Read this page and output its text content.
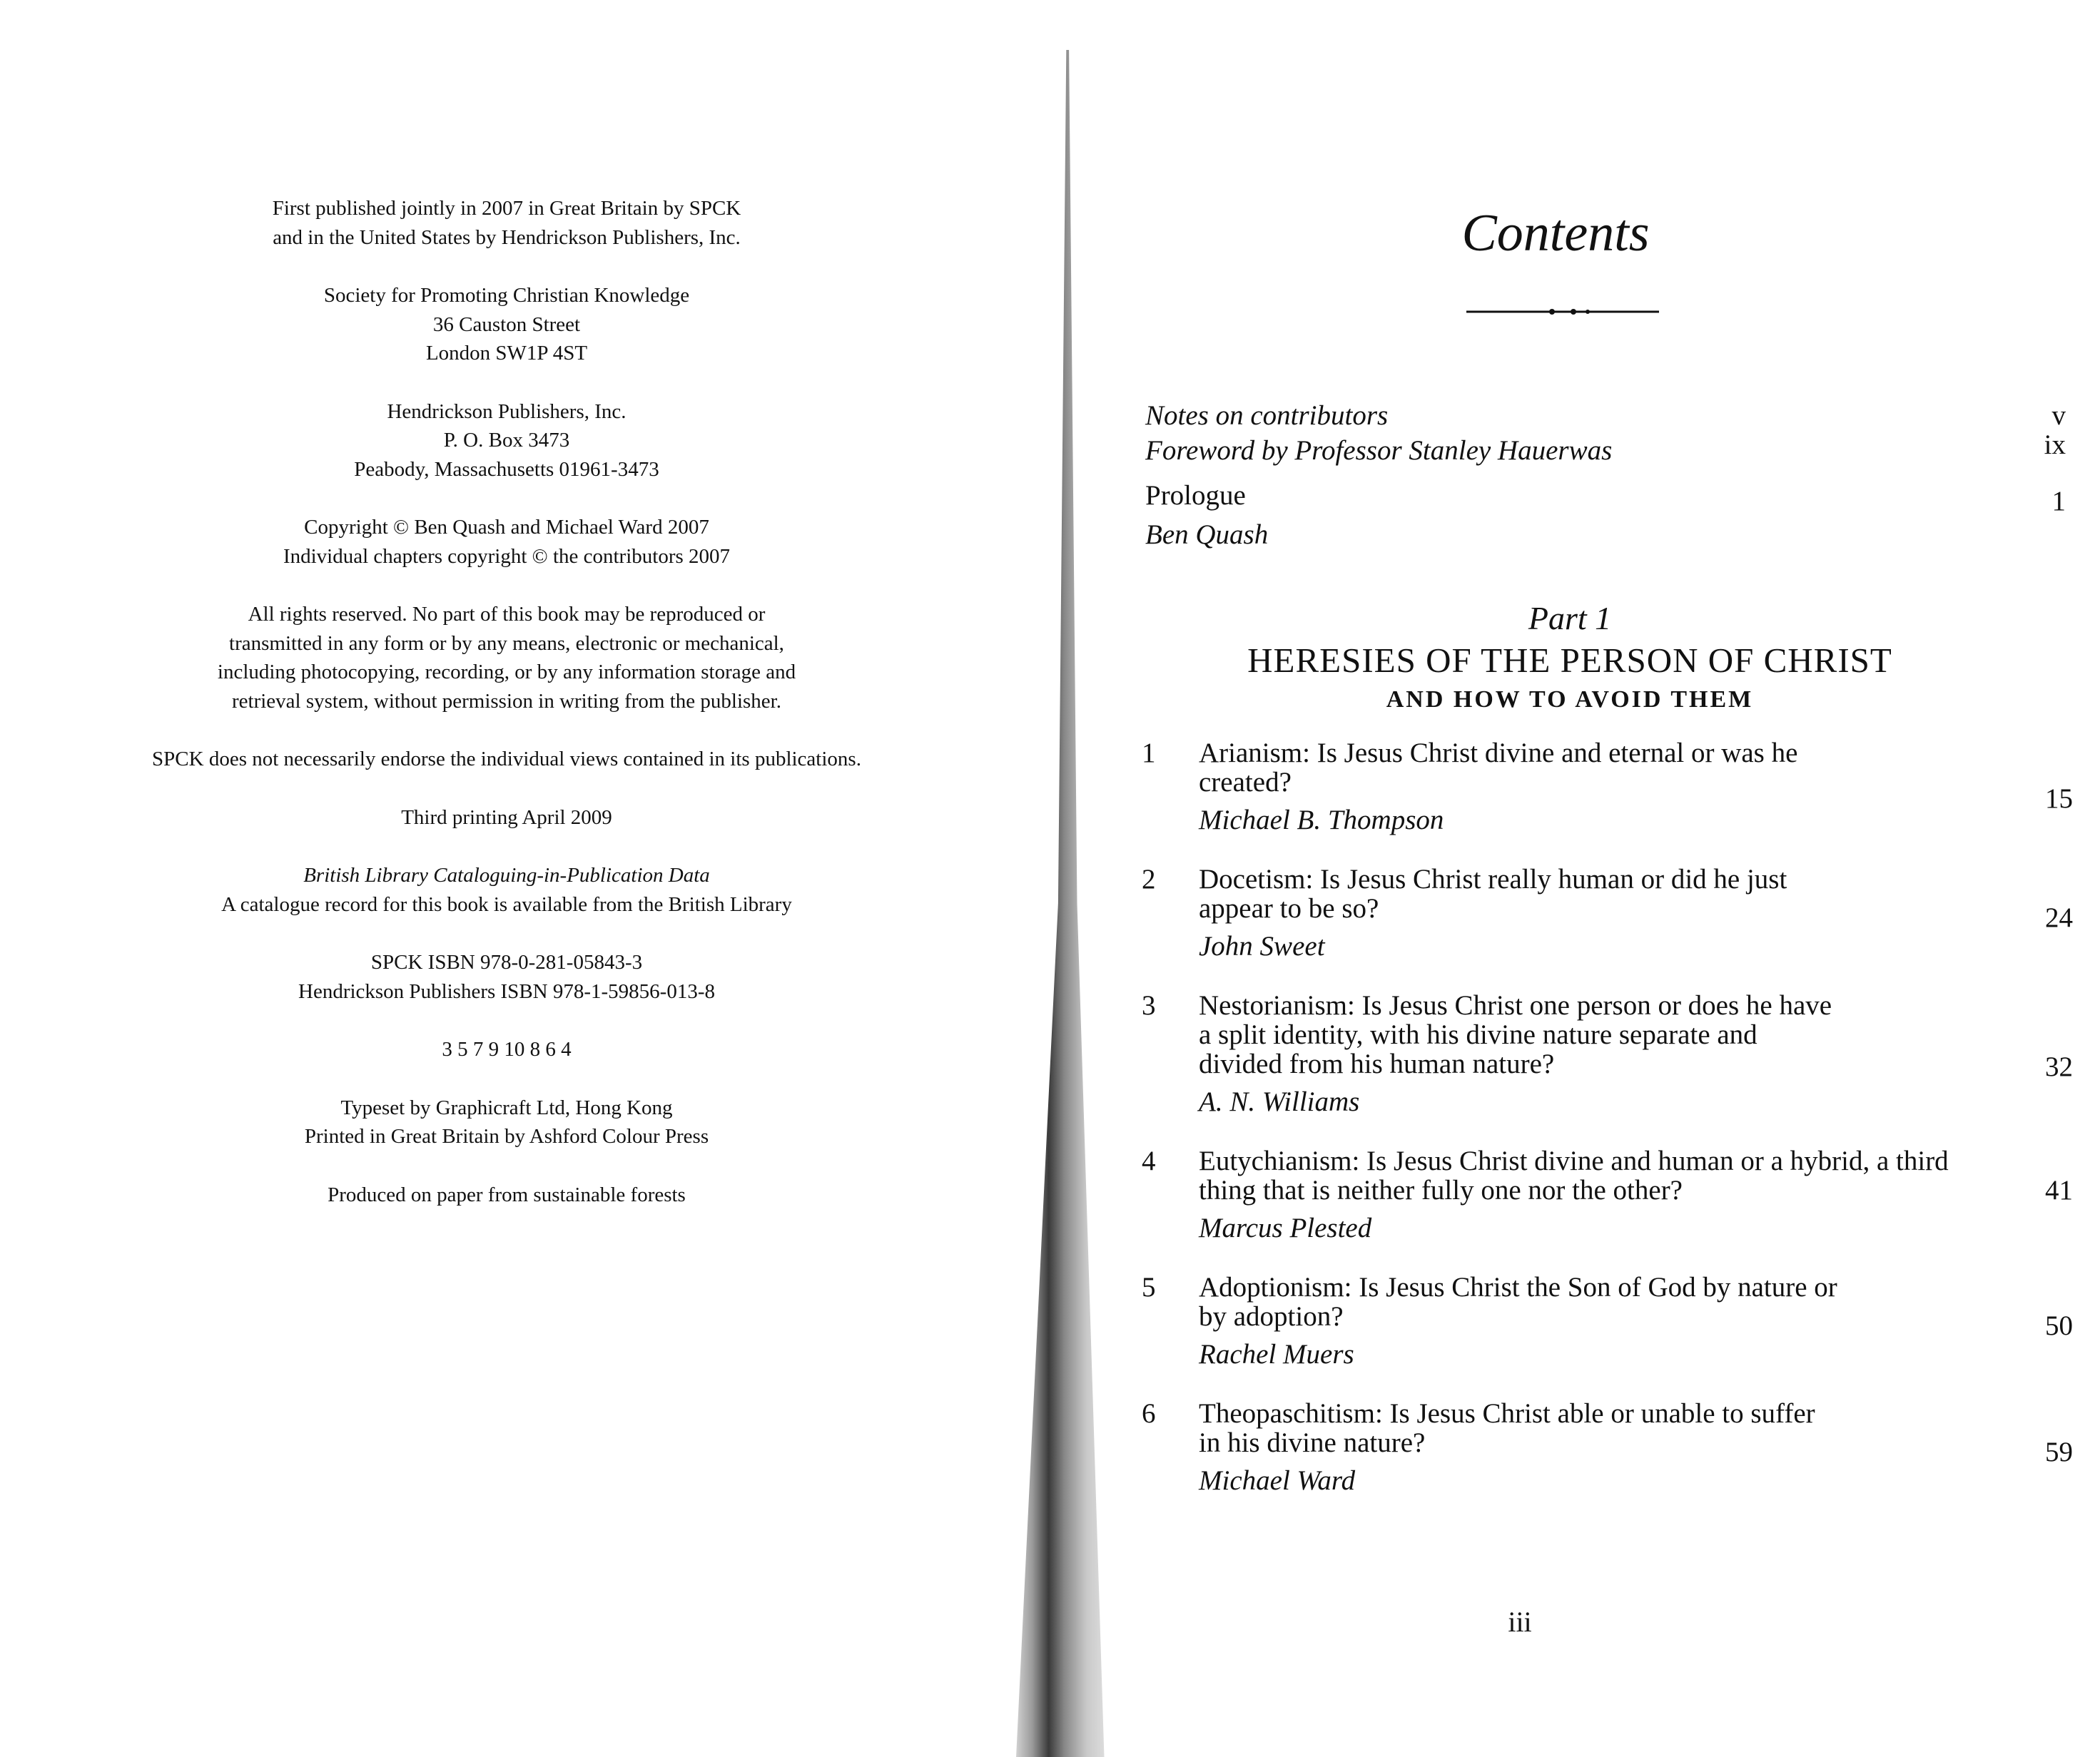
First published jointly in 2007 in Great Britain by SPCK

and in the United States by Hendrickson Publishers, Inc.

Society for Promoting Christian Knowledge

36 Causton Street

London SW1P 4ST

Hendrickson Publishers, Inc.

P. O. Box 3473

Peabody, Massachusetts 01961-3473

Copyright © Ben Quash and Michael Ward 2007

Individual chapters copyright © the contributors 2007

All rights reserved. No part of this book may be reproduced or

transmitted in any form or by any means, electronic or mechanical,

including photocopying, recording, or by any information storage and

retrieval system, without permission in writing from the publisher.

SPCK does not necessarily endorse the individual views contained in its publications.

Third printing April 2009

British Library Cataloguing-in-Publication Data

A catalogue record for this book is available from the British Library

SPCK ISBN 978-0-281-05843-3

Hendrickson Publishers ISBN 978-1-59856-013-8

3 5 7 9 10 8 6 4

Typeset by Graphicraft Ltd, Hong Kong

Printed in Great Britain by Ashford Colour Press

Produced on paper from sustainable forests

Contents
Notes on contributors	v
Foreword by Professor Stanley Hauerwas	ix
Prologue
Ben Quash
1
Part 1
HERESIES OF THE PERSON OF CHRIST
AND HOW TO AVOID THEM
1 Arianism: Is Jesus Christ divine and eternal or was he created?
Michael B. Thompson
15
2 Docetism: Is Jesus Christ really human or did he just appear to be so?
John Sweet
24
3 Nestorianism: Is Jesus Christ one person or does he have a split identity, with his divine nature separate and divided from his human nature?
A. N. Williams
32
4 Eutychianism: Is Jesus Christ divine and human or a hybrid, a third thing that is neither fully one nor the other?
Marcus Plested
41
5 Adoptionism: Is Jesus Christ the Son of God by nature or by adoption?
Rachel Muers
50
6 Theopaschitism: Is Jesus Christ able or unable to suffer in his divine nature?
Michael Ward
59
iii
